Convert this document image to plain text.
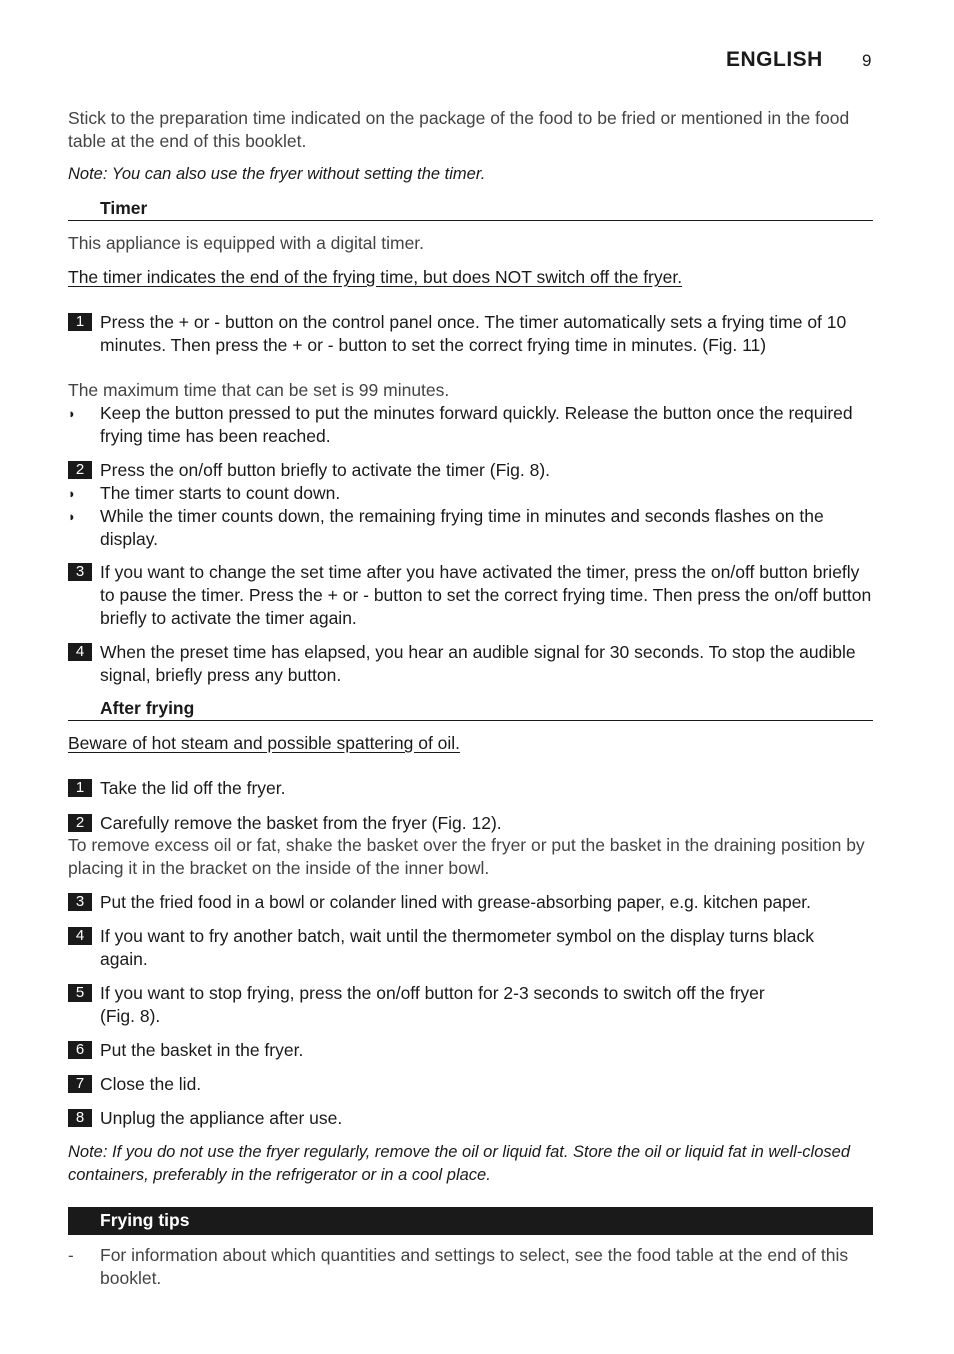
ENGLISH 9
Stick to the preparation time indicated on the package of the food to be fried or mentioned in the food table at the end of this booklet.
Note: You can also use the fryer without setting the timer.
Timer
This appliance is equipped with a digital timer.
The timer indicates the end of the frying time, but does NOT switch off the fryer.
1 Press the + or - button on the control panel once. The timer automatically sets a frying time of 10 minutes. Then press the + or - button to set the correct frying time in minutes. (Fig. 11)
The maximum time that can be set is 99 minutes.
◗ Keep the button pressed to put the minutes forward quickly. Release the button once the required frying time has been reached.
2 Press the on/off button briefly to activate the timer (Fig. 8).
◗ The timer starts to count down.
◗ While the timer counts down, the remaining frying time in minutes and seconds flashes on the display.
3 If you want to change the set time after you have activated the timer, press the on/off button briefly to pause the timer. Press the + or - button to set the correct frying time. Then press the on/off button briefly to activate the timer again.
4 When the preset time has elapsed, you hear an audible signal for 30 seconds. To stop the audible signal, briefly press any button.
After frying
Beware of hot steam and possible spattering of oil.
1 Take the lid off the fryer.
2 Carefully remove the basket from the fryer (Fig. 12).
To remove excess oil or fat, shake the basket over the fryer or put the basket in the draining position by placing it in the bracket on the inside of the inner bowl.
3 Put the fried food in a bowl or colander lined with grease-absorbing paper, e.g. kitchen paper.
4 If you want to fry another batch, wait until the thermometer symbol on the display turns black again.
5 If you want to stop frying, press the on/off button for 2-3 seconds to switch off the fryer (Fig. 8).
6 Put the basket in the fryer.
7 Close the lid.
8 Unplug the appliance after use.
Note: If you do not use the fryer regularly, remove the oil or liquid fat. Store the oil or liquid fat in well-closed containers, preferably in the refrigerator or in a cool place.
Frying tips
- For information about which quantities and settings to select, see the food table at the end of this booklet.
